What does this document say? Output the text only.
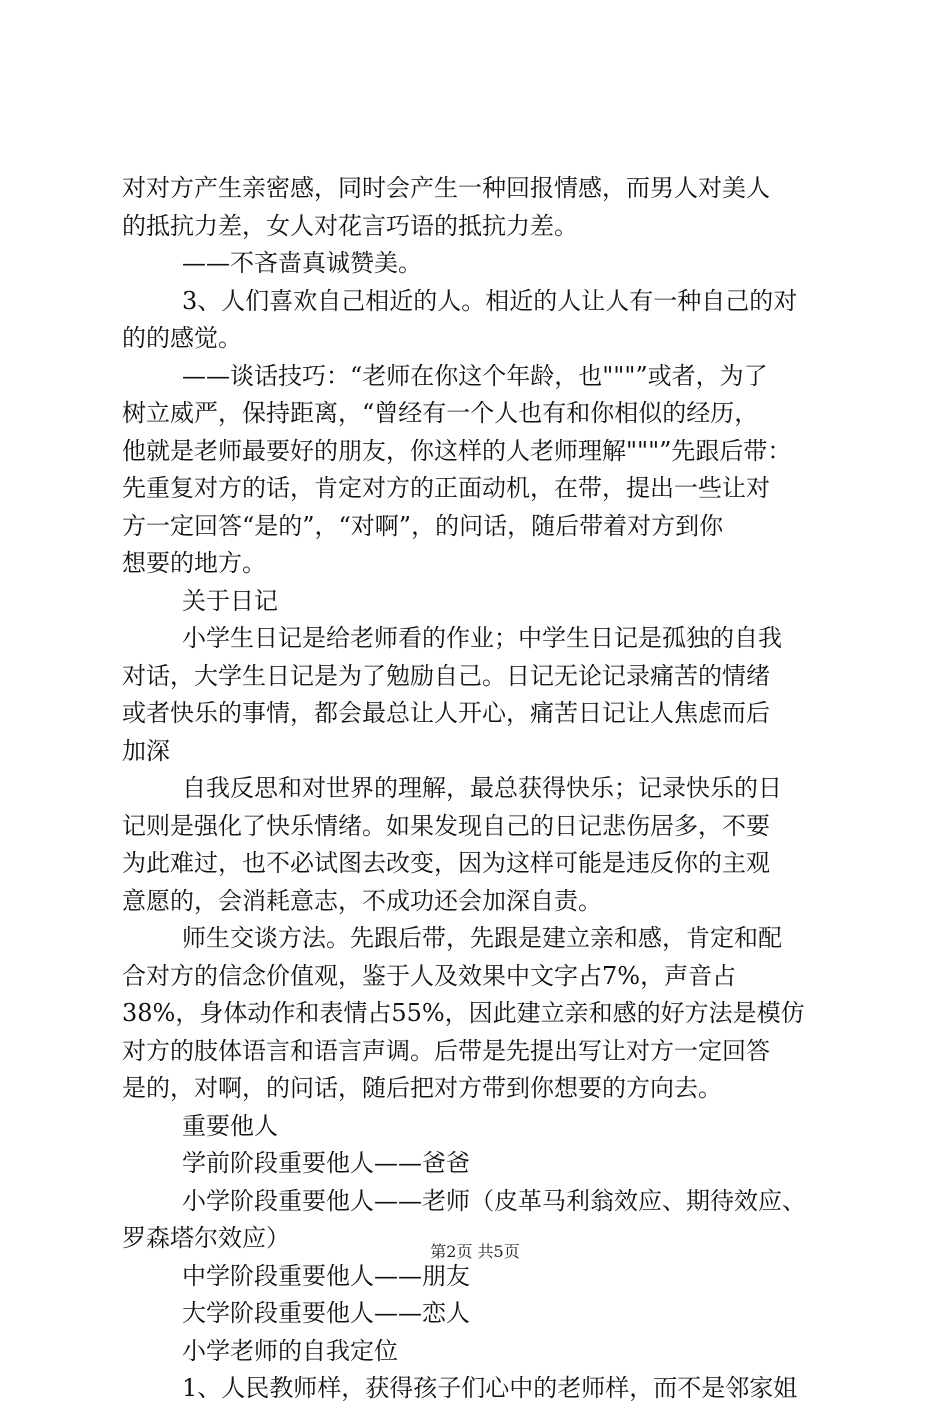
对对方产生亲密感，同时会产生一种回报情感，而男人对美人
的抵抗力差，女人对花言巧语的抵抗力差。
——不吝啬真诚赞美。
3、人们喜欢自己相近的人。相近的人让人有一种自己的对
的的感觉。
——谈话技巧：“老师在你这个年龄，也"""”或者，为了
树立威严，保持距离，“曾经有一个人也有和你相似的经历，
他就是老师最要好的朋友，你这样的人老师理解"""”先跟后带：
先重复对方的话，肯定对方的正面动机，在带，提出一些让对
方一定回答“是的”，“对啊”，的问话，随后带着对方到你
想要的地方。
关于日记
小学生日记是给老师看的作业；中学生日记是孤独的自我
对话，大学生日记是为了勉励自己。日记无论记录痛苦的情绪
或者快乐的事情，都会最总让人开心，痛苦日记让人焦虑而后
加深
自我反思和对世界的理解，最总获得快乐；记录快乐的日
记则是强化了快乐情绪。如果发现自己的日记悲伤居多，不要
为此难过，也不必试图去改变，因为这样可能是违反你的主观
意愿的，会消耗意志，不成功还会加深自责。
师生交谈方法。先跟后带，先跟是建立亲和感，肯定和配
合对方的信念价值观，鉴于人及效果中文字占7%，声音占
38%，身体动作和表情占55%，因此建立亲和感的好方法是模仿
对方的肢体语言和语言声调。后带是先提出写让对方一定回答
是的，对啊，的问话，随后把对方带到你想要的方向去。
重要他人
学前阶段重要他人——爸爸
小学阶段重要他人——老师（皮革马利翁效应、期待效应、
罗森塔尔效应）
中学阶段重要他人——朋友
大学阶段重要他人——恋人
小学老师的自我定位
1、人民教师样，获得孩子们心中的老师样，而不是邻家姐
第2页 共5页
